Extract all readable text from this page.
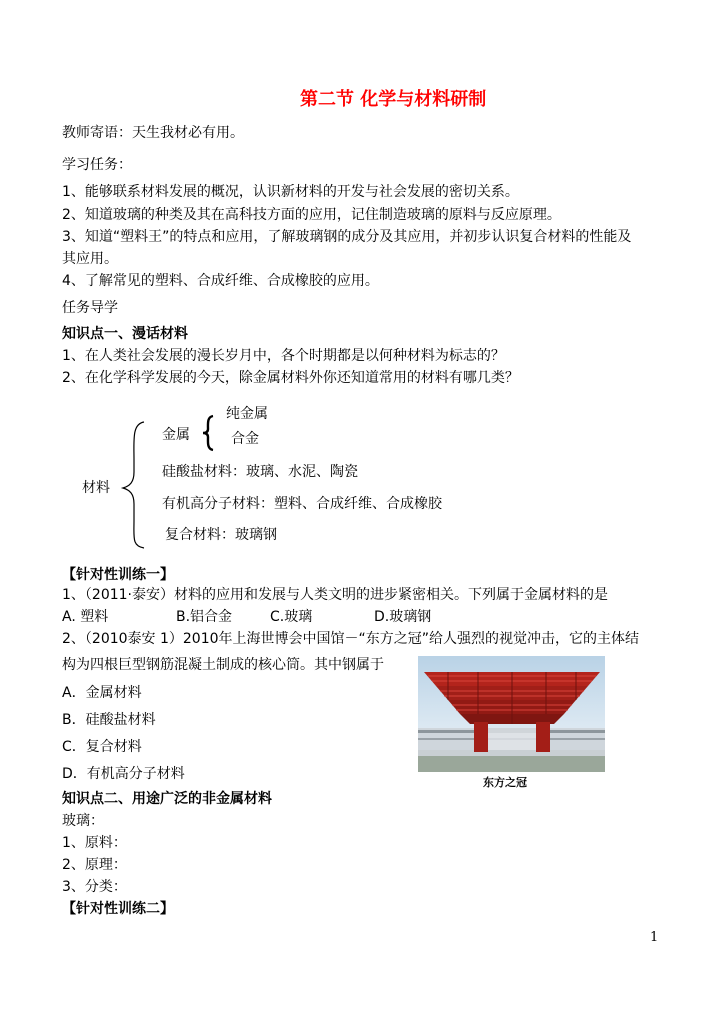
第二节 化学与材料研制
教师寄语：天生我材必有用。
学习任务：
1、能够联系材料发展的概况，认识新材料的开发与社会发展的密切关系。
2、知道玻璃的种类及其在高科技方面的应用，记住制造玻璃的原料与反应原理。
3、知道“塑料王”的特点和应用，了解玻璃钢的成分及其应用，并初步认识复合材料的性能及
其应用。
4、了解常见的塑料、合成纤维、合成橡胶的应用。
任务导学
知识点一、漫话材料
1、在人类社会发展的漫长岁月中，各个时期都是以何种材料为标志的？
2、在化学科学发展的今天，除金属材料外你还知道常用的材料有哪几类？
材料
金属
纯金属
合金
硅酸盐材料：玻璃、水泥、陶瓷
有机高分子材料：塑料、合成纤维、合成橡胶
复合材料：玻璃钢
【针对性训练一】
1、（2011·泰安）材料的应用和发展与人类文明的进步紧密相关。下列属于金属材料的是
A. 塑料	B.铝合金	C.玻璃	D.玻璃钢
2、（2010泰安 1）2010年上海世博会中国馆－“东方之冠”给人强烈的视觉冲击，它的主体结
构为四根巨型钢筋混凝土制成的核心筒。其中钢属于
A．金属材料
B．硅酸盐材料
C．复合材料
D．有机高分子材料
东方之冠
知识点二、用途广泛的非金属材料
玻璃：
1、原料：
2、原理：
3、分类：
【针对性训练二】
1
